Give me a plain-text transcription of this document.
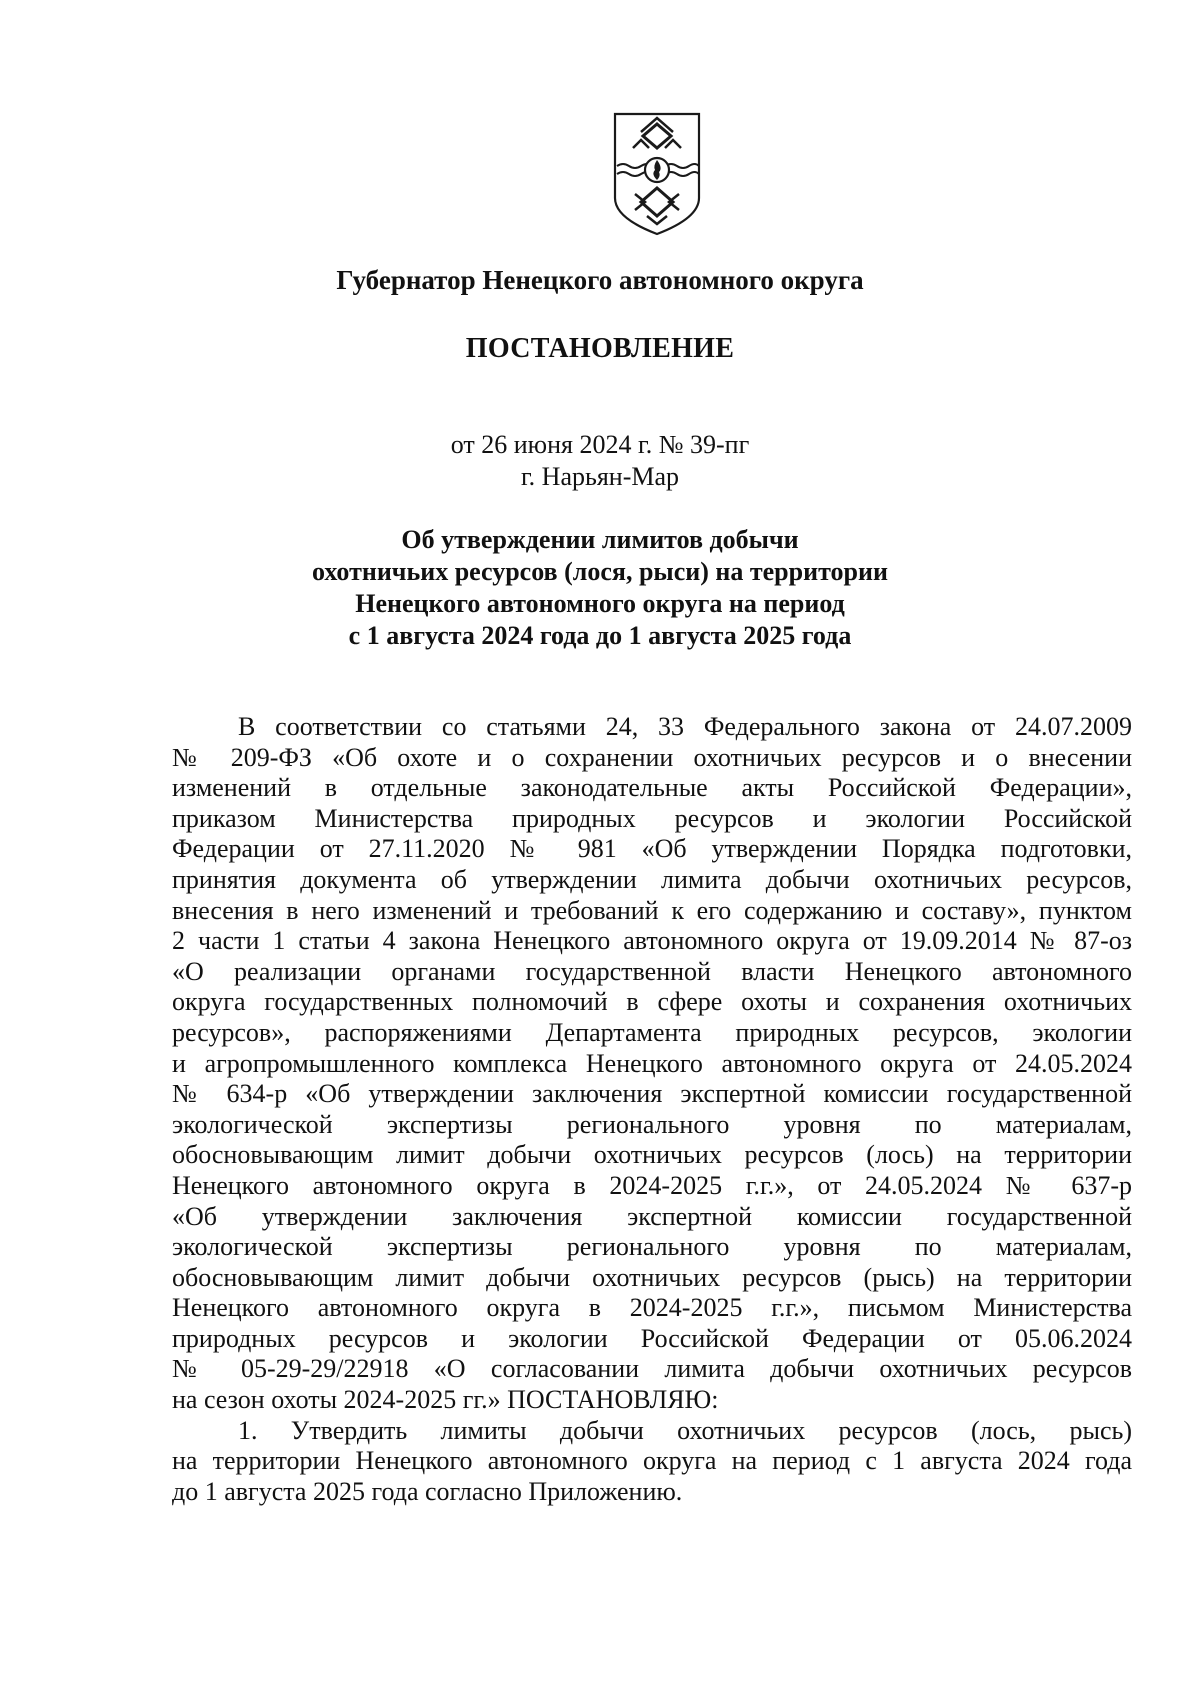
Губернатор Ненецкого автономного округа
ПОСТАНОВЛЕНИЕ
от 26 июня 2024 г. № 39-пг
г. Нарьян-Мар
Об утверждении лимитов добычи
охотничьих ресурсов (лося, рыси) на территории
Ненецкого автономного округа на период
с 1 августа 2024 года до 1 августа 2025 года
В соответствии со статьями 24, 33 Федерального закона от 24.07.2009
№ 209-ФЗ «Об охоте и о сохранении охотничьих ресурсов и о внесении
изменений в отдельные законодательные акты Российской Федерации»,
приказом Министерства природных ресурсов и экологии Российской
Федерации от 27.11.2020 № 981 «Об утверждении Порядка подготовки,
принятия документа об утверждении лимита добычи охотничьих ресурсов,
внесения в него изменений и требований к его содержанию и составу», пунктом
2 части 1 статьи 4 закона Ненецкого автономного округа от 19.09.2014 № 87-оз
«О реализации органами государственной власти Ненецкого автономного
округа государственных полномочий в сфере охоты и сохранения охотничьих
ресурсов», распоряжениями Департамента природных ресурсов, экологии
и агропромышленного комплекса Ненецкого автономного округа от 24.05.2024
№ 634-р «Об утверждении заключения экспертной комиссии государственной
экологической экспертизы регионального уровня по материалам,
обосновывающим лимит добычи охотничьих ресурсов (лось) на территории
Ненецкого автономного округа в 2024-2025 г.г.», от 24.05.2024 № 637-р
«Об утверждении заключения экспертной комиссии государственной
экологической экспертизы регионального уровня по материалам,
обосновывающим лимит добычи охотничьих ресурсов (рысь) на территории
Ненецкого автономного округа в 2024-2025 г.г.», письмом Министерства
природных ресурсов и экологии Российской Федерации от 05.06.2024
№ 05-29-29/22918 «О согласовании лимита добычи охотничьих ресурсов
на сезон охоты 2024-2025 гг.» ПОСТАНОВЛЯЮ:
1. Утвердить лимиты добычи охотничьих ресурсов (лось, рысь)
на территории Ненецкого автономного округа на период с 1 августа 2024 года
до 1 августа 2025 года согласно Приложению.
